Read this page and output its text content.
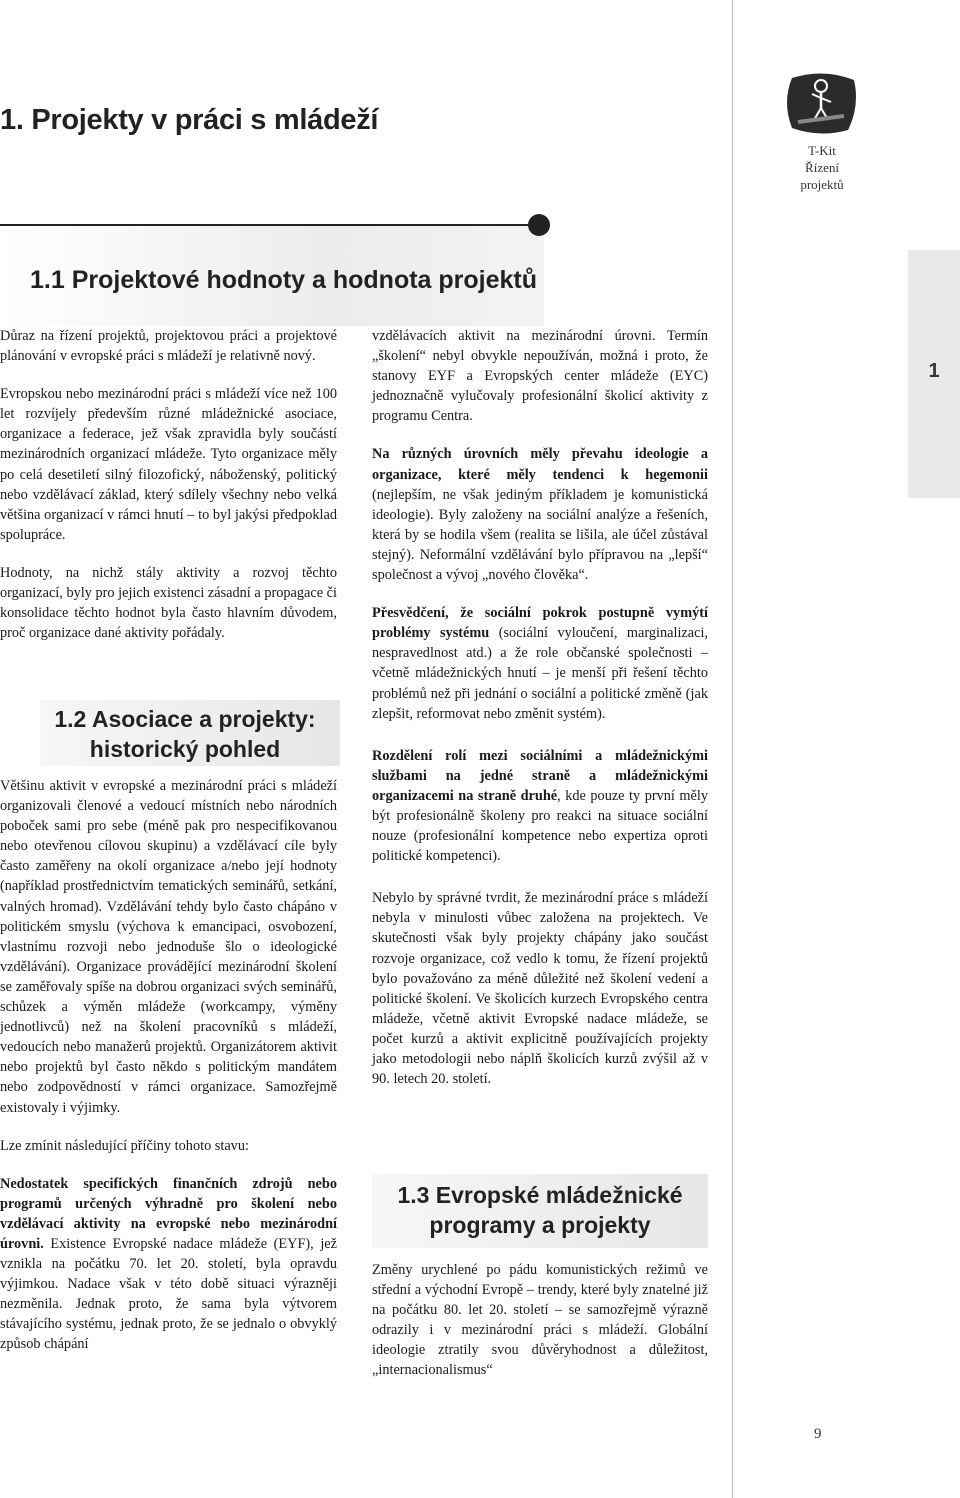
1. Projekty v práci s mládeží
T-Kit
Řízení
projektů
1.1 Projektové hodnoty a hodnota projektů
1

Důraz na řízení projektů, projektovou práci a projektové plánování v evropské práci s mládeží je relativně nový.

Evropskou nebo mezinárodní práci s mládeží více než 100 let rozvíjely především různé mládežnické asociace, organizace a federace, jež však zpravidla byly součástí mezinárodních organizací mládeže. Tyto organizace měly po celá desetiletí silný filozofický, náboženský, politický nebo vzdělávací základ, který sdílely všechny nebo velká většina organizací v rámci hnutí – to byl jakýsi předpoklad spolupráce.

Hodnoty, na nichž stály aktivity a rozvoj těchto organizací, byly pro jejich existenci zásadní a propagace či konsolidace těchto hodnot byla často hlavním důvodem, proč organizace dané aktivity pořádaly.

1.2 Asociace a projekty:
historický pohled

Většinu aktivit v evropské a mezinárodní práci s mládeží organizovali členové a vedoucí místních nebo národních poboček sami pro sebe (méně pak pro nespecifikovanou nebo otevřenou cílovou skupinu) a vzdělávací cíle byly často zaměřeny na okolí organizace a/nebo její hodnoty (například prostřednictvím tematických seminářů, setkání, valných hromad). Vzdělávání tehdy bylo často chápáno v politickém smyslu (výchova k emancipaci, osvobození, vlastnímu rozvoji nebo jednoduše šlo o ideologické vzdělávání). Organizace provádějící mezinárodní školení se zaměřovaly spíše na dobrou organizaci svých seminářů, schůzek a výměn mládeže (workcampy, výměny jednotlivců) než na školení pracovníků s mládeží, vedoucích nebo manažerů projektů. Organizátorem aktivit nebo projektů byl často někdo s politickým mandátem nebo zodpovědností v rámci organizace. Samozřejmě existovaly i výjimky.

Lze zmínit následující příčiny tohoto stavu:

Nedostatek specifických finančních zdrojů nebo programů určených výhradně pro školení nebo vzdělávací aktivity na evropské nebo mezinárodní úrovni. Existence Evropské nadace mládeže (EYF), jež vznikla na počátku 70. let 20. století, byla opravdu výjimkou. Nadace však v této době situaci výrazněji nezměnila. Jednak proto, že sama byla výtvorem stávajícího systému, jednak proto, že se jednalo o obvyklý způsob chápání

vzdělávacích aktivit na mezinárodní úrovni. Termín „školení“ nebyl obvykle nepoužíván, možná i proto, že stanovy EYF a Evropských center mládeže (EYC) jednoznačně vylučovaly profesionální školicí aktivity z programu Centra.

Na různých úrovních měly převahu ideologie a organizace, které měly tendenci k hegemonii (nejlepším, ne však jediným příkladem je komunistická ideologie). Byly založeny na sociální analýze a řešeních, která by se hodila všem (realita se lišila, ale účel zůstával stejný). Neformální vzdělávání bylo přípravou na „lepší“ společnost a vývoj „nového člověka“.

Přesvědčení, že sociální pokrok postupně vymýtí problémy systému (sociální vyloučení, marginalizaci, nespravedlnost atd.) a že role občanské společnosti – včetně mládežnických hnutí – je menší při řešení těchto problémů než při jednání o sociální a politické změně (jak zlepšit, reformovat nebo změnit systém).

Rozdělení rolí mezi sociálními a mládežnickými službami na jedné straně a mládežnickými organizacemi na straně druhé, kde pouze ty první měly být profesionálně školeny pro reakci na situace sociální nouze (profesionální kompetence nebo expertiza oproti politické kompetenci).

Nebylo by správné tvrdit, že mezinárodní práce s mládeží nebyla v minulosti vůbec založena na projektech. Ve skutečnosti však byly projekty chápány jako součást rozvoje organizace, což vedlo k tomu, že řízení projektů bylo považováno za méně důležité než školení vedení a politické školení. Ve školicích kurzech Evropského centra mládeže, včetně aktivit Evropské nadace mládeže, se počet kurzů a aktivit explicitně používajících projekty jako metodologii nebo náplň školicích kurzů zvýšil až v 90. letech 20. století.

1.3 Evropské mládežnické
programy a projekty

Změny urychlené po pádu komunistických režimů ve střední a východní Evropě – trendy, které byly znatelné již na počátku 80. let 20. století – se samozřejmě výrazně odrazily i v mezinárodní práci s mládeží. Globální ideologie ztratily svou důvěryhodnost a důležitost, „internacionalismus“

9
